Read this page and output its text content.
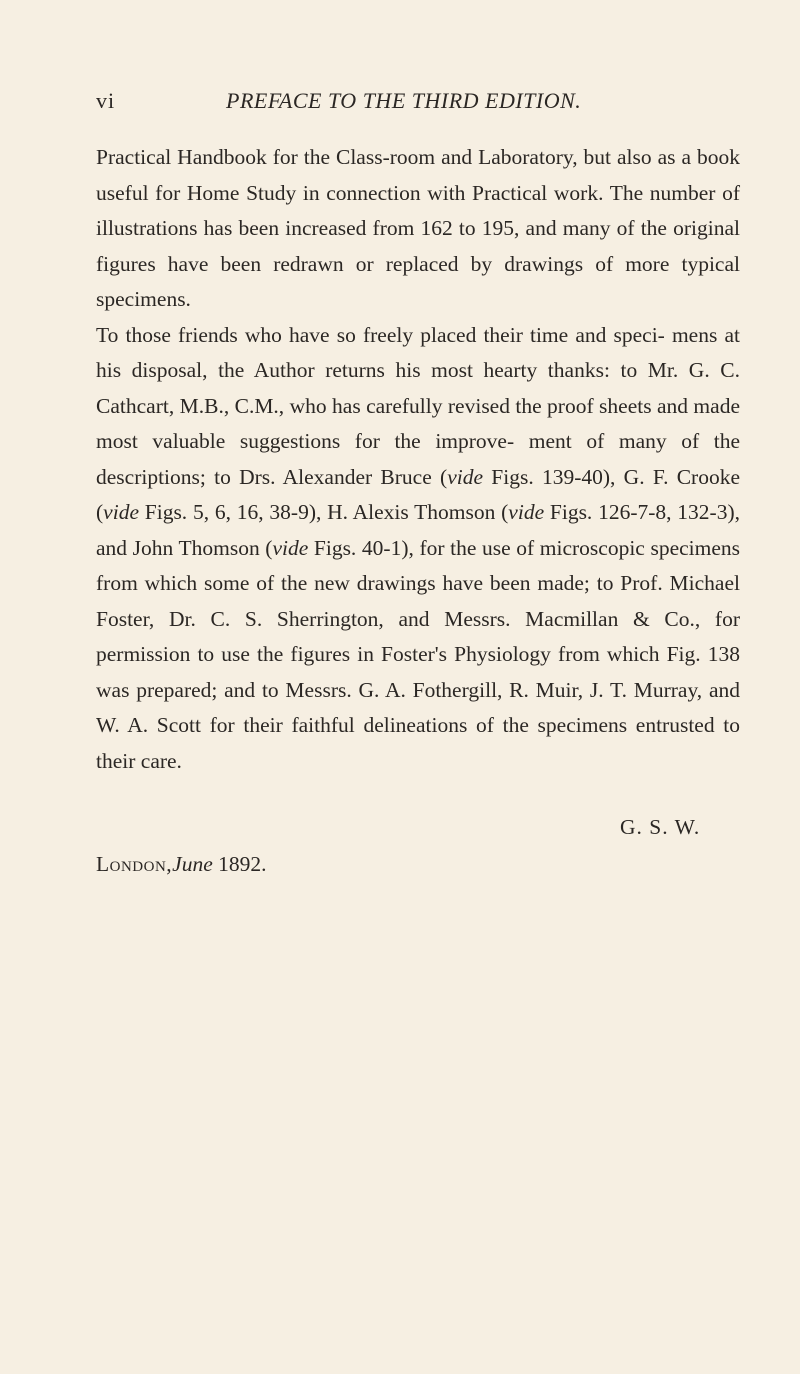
vi	PREFACE TO THE THIRD EDITION.

Practical Handbook for the Class-room and Laboratory, but also as a book useful for Home Study in connection with Practical work. The number of illustrations has been increased from 162 to 195, and many of the original figures have been redrawn or replaced by drawings of more typical specimens.

To those friends who have so freely placed their time and speci- mens at his disposal, the Author returns his most hearty thanks: to Mr. G. C. Cathcart, M.B., C.M., who has carefully revised the proof sheets and made most valuable suggestions for the improve- ment of many of the descriptions; to Drs. Alexander Bruce (vide Figs. 139-40), G. F. Crooke (vide Figs. 5, 6, 16, 38-9), H. Alexis Thomson (vide Figs. 126-7-8, 132-3), and John Thomson (vide Figs. 40-1), for the use of microscopic specimens from which some of the new drawings have been made; to Prof. Michael Foster, Dr. C. S. Sherrington, and Messrs. Macmillan & Co., for permission to use the figures in Foster's Physiology from which Fig. 138 was prepared; and to Messrs. G. A. Fothergill, R. Muir, J. T. Murray, and W. A. Scott for their faithful delineations of the specimens entrusted to their care.

G. S. W.
London,June 1892.
